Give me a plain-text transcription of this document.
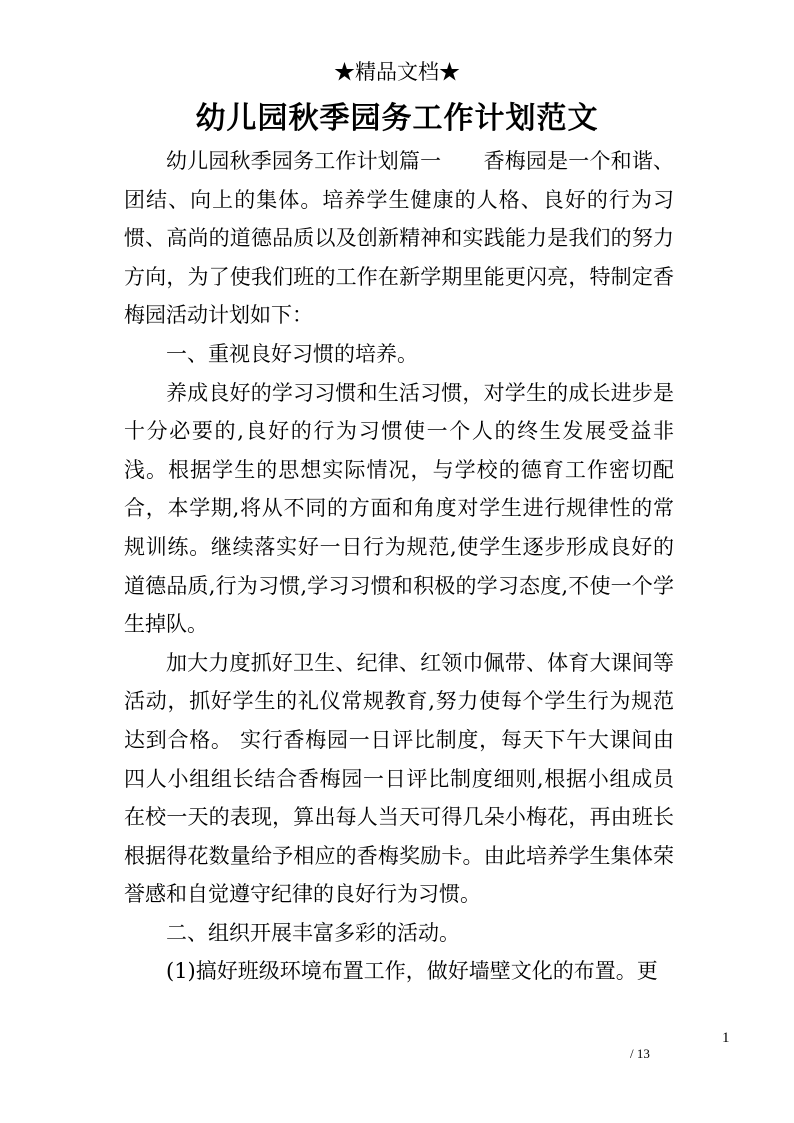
★精品文档★
幼儿园秋季园务工作计划范文

幼儿园秋季园务工作计划篇一　　香梅园是一个和谐、团结、向上的集体。培养学生健康的人格、良好的行为习惯、高尚的道德品质以及创新精神和实践能力是我们的努力方向，为了使我们班的工作在新学期里能更闪亮，特制定香梅园活动计划如下：

一、重视良好习惯的培养。

养成良好的学习习惯和生活习惯，对学生的成长进步是十分必要的,良好的行为习惯使一个人的终生发展受益非浅。根据学生的思想实际情况，与学校的德育工作密切配合，本学期,将从不同的方面和角度对学生进行规律性的常规训练。继续落实好一日行为规范,使学生逐步形成良好的道德品质,行为习惯,学习习惯和积极的学习态度,不使一个学生掉队。

加大力度抓好卫生、纪律、红领巾佩带、体育大课间等活动，抓好学生的礼仪常规教育,努力使每个学生行为规范达到合格。 实行香梅园一日评比制度，每天下午大课间由四人小组组长结合香梅园一日评比制度细则,根据小组成员在校一天的表现，算出每人当天可得几朵小梅花，再由班长根据得花数量给予相应的香梅奖励卡。由此培养学生集体荣誉感和自觉遵守纪律的良好行为习惯。

二、组织开展丰富多彩的活动。

(1)搞好班级环境布置工作，做好墙壁文化的布置。更

1
/ 13
